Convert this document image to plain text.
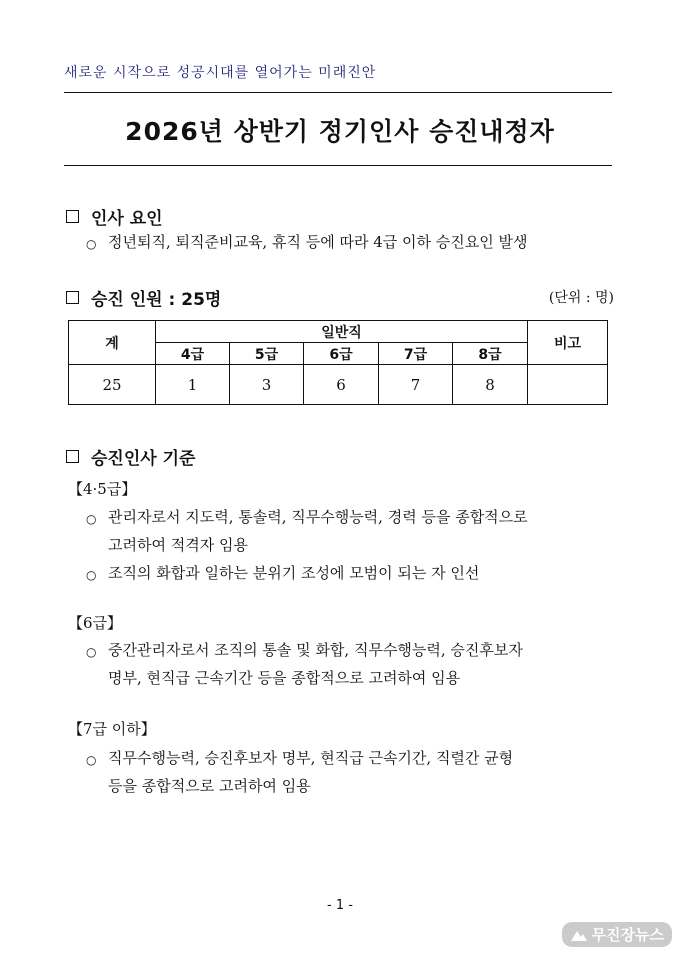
새로운 시작으로 성공시대를 열어가는 미래진안
2026년 상반기 정기인사 승진내정자
인사 요인
○ 정년퇴직, 퇴직준비교육, 휴직 등에 따라 4급 이하 승진요인 발생
승진 인원 : 25명	(단위 : 명)
계	일반직					비고
	4급	5급	6급	7급	8급	
25	1	3	6	7	8	
승진인사 기준
【4·5급】
○ 관리자로서 지도력, 통솔력, 직무수행능력, 경력 등을 종합적으로
고려하여 적격자 임용
○ 조직의 화합과 일하는 분위기 조성에 모범이 되는 자 인선
【6급】
○ 중간관리자로서 조직의 통솔 및 화합, 직무수행능력, 승진후보자
명부, 현직급 근속기간 등을 종합적으로 고려하여 임용
【7급 이하】
○ 직무수행능력, 승진후보자 명부, 현직급 근속기간, 직렬간 균형
등을 종합적으로 고려하여 임용
- 1 -
무진장뉴스
